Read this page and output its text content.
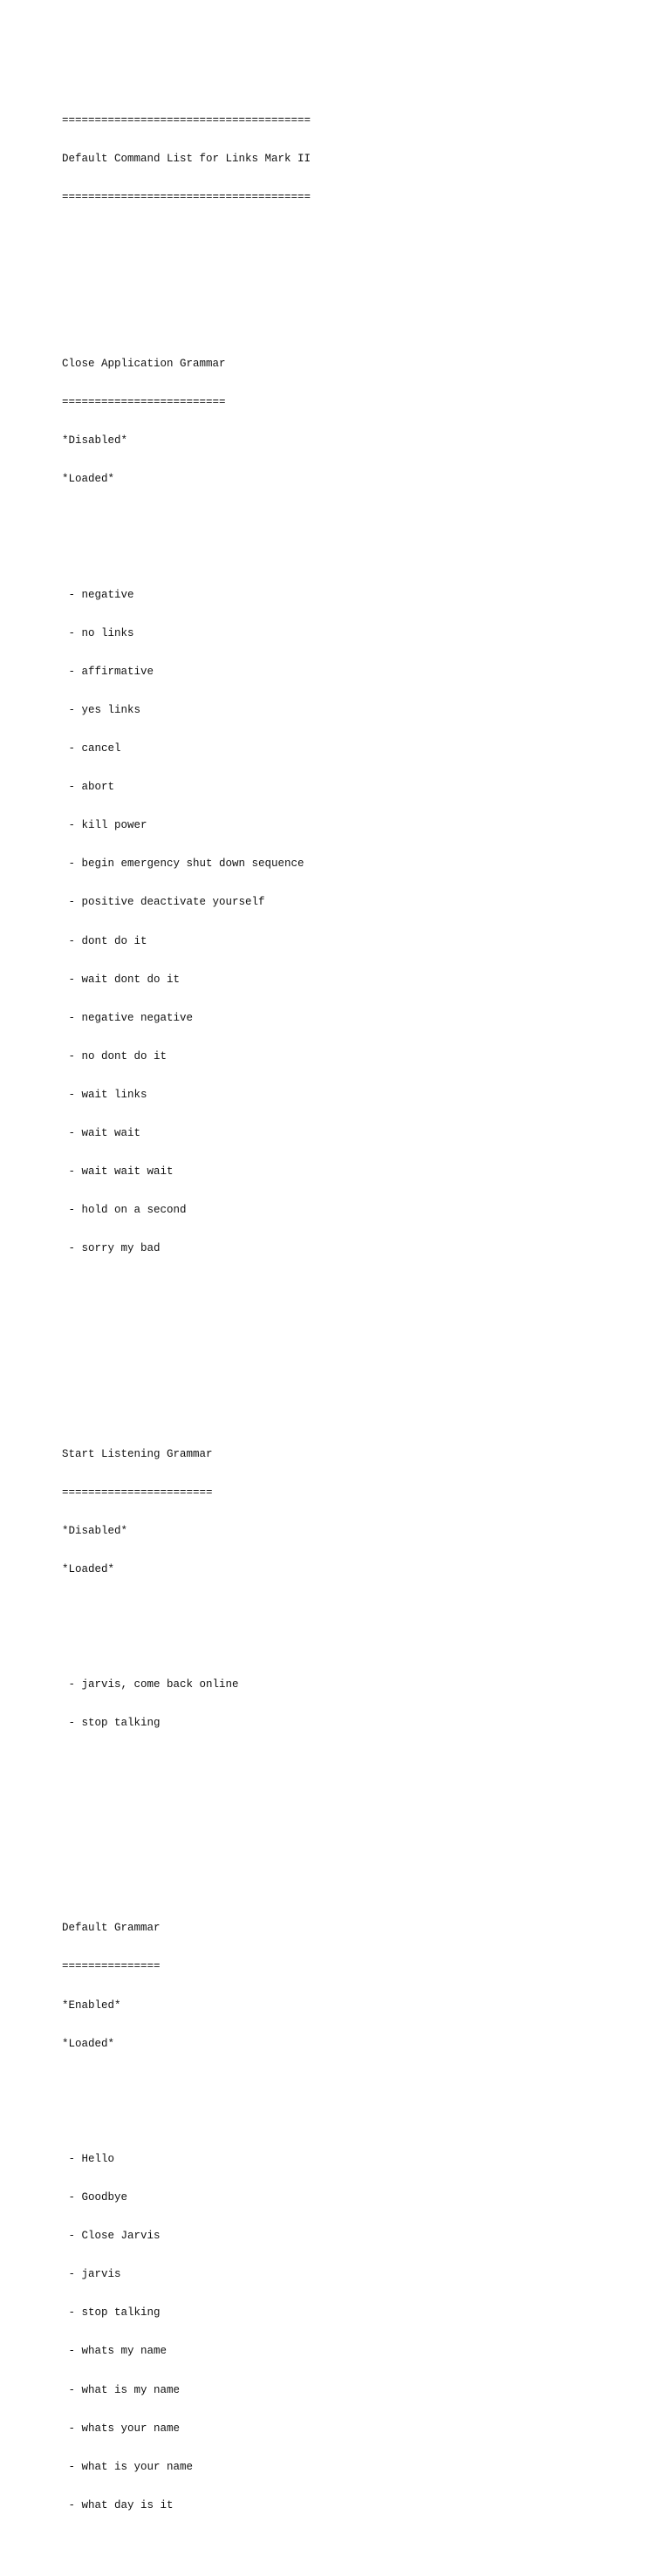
======================================

Default Command List for Links Mark II

======================================

Close Application Grammar

=========================

*Disabled*

*Loaded*

- negative

- no links

- affirmative

- yes links

- cancel

- abort

- kill power

- begin emergency shut down sequence

- positive deactivate yourself

- dont do it

- wait dont do it

- negative negative

- no dont do it

- wait links

- wait wait

- wait wait wait

- hold on a second

- sorry my bad

Start Listening Grammar

=======================

*Disabled*

*Loaded*

- jarvis, come back online

- stop talking

Default Grammar

===============

*Enabled*

*Loaded*

- Hello

- Goodbye

- Close Jarvis

- jarvis

- stop talking

- whats my name

- what is my name

- whats your name

- what is your name

- what day is it
